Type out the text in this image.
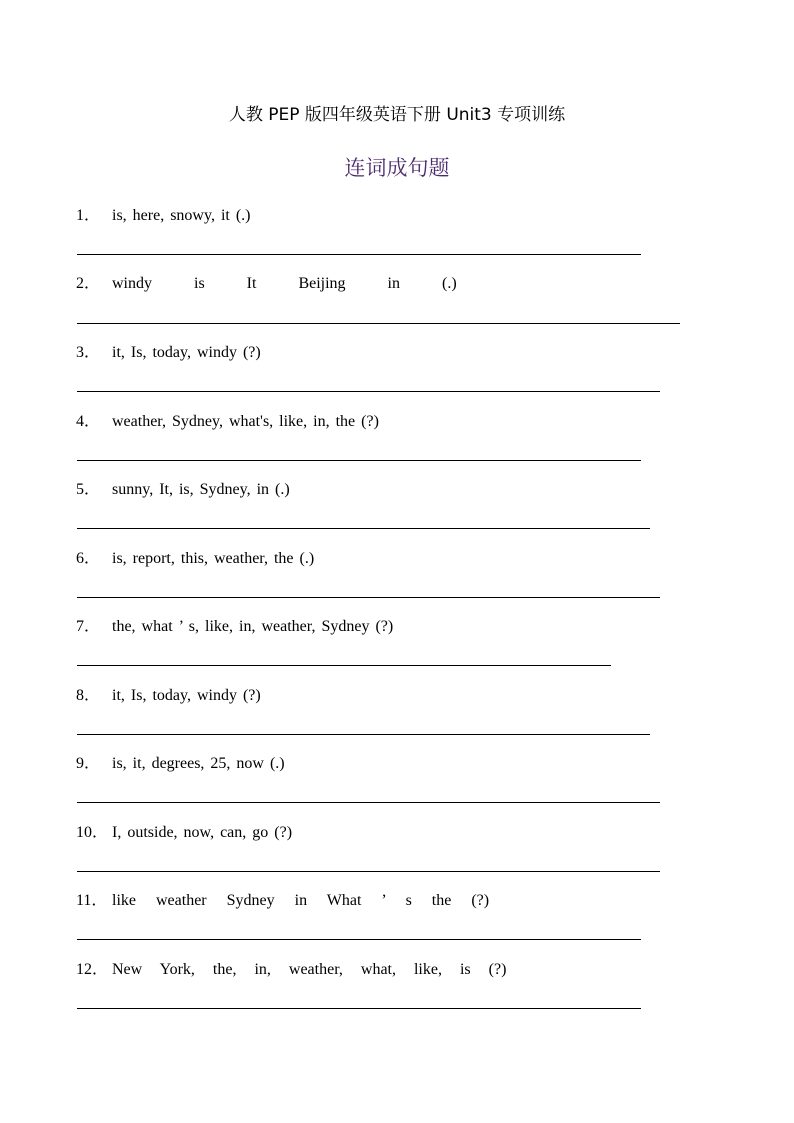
人教 PEP 版四年级英语下册 Unit3 专项训练
连词成句题
1． is, here, snowy, it (.)
2． windy is It Beijing in (.)
3． it, Is, today, windy (?)
4． weather, Sydney, what's, like, in, the (?)
5． sunny, It, is, Sydney, in (.)
6． is, report, this, weather, the (.)
7． the, what ’ s, like, in, weather, Sydney (?)
8． it, Is, today, windy (?)
9． is, it, degrees, 25, now (.)
10． I, outside, now, can, go (?)
11． like weather Sydney in What ’ s the (?)
12． New York, the, in, weather, what, like, is (?)
